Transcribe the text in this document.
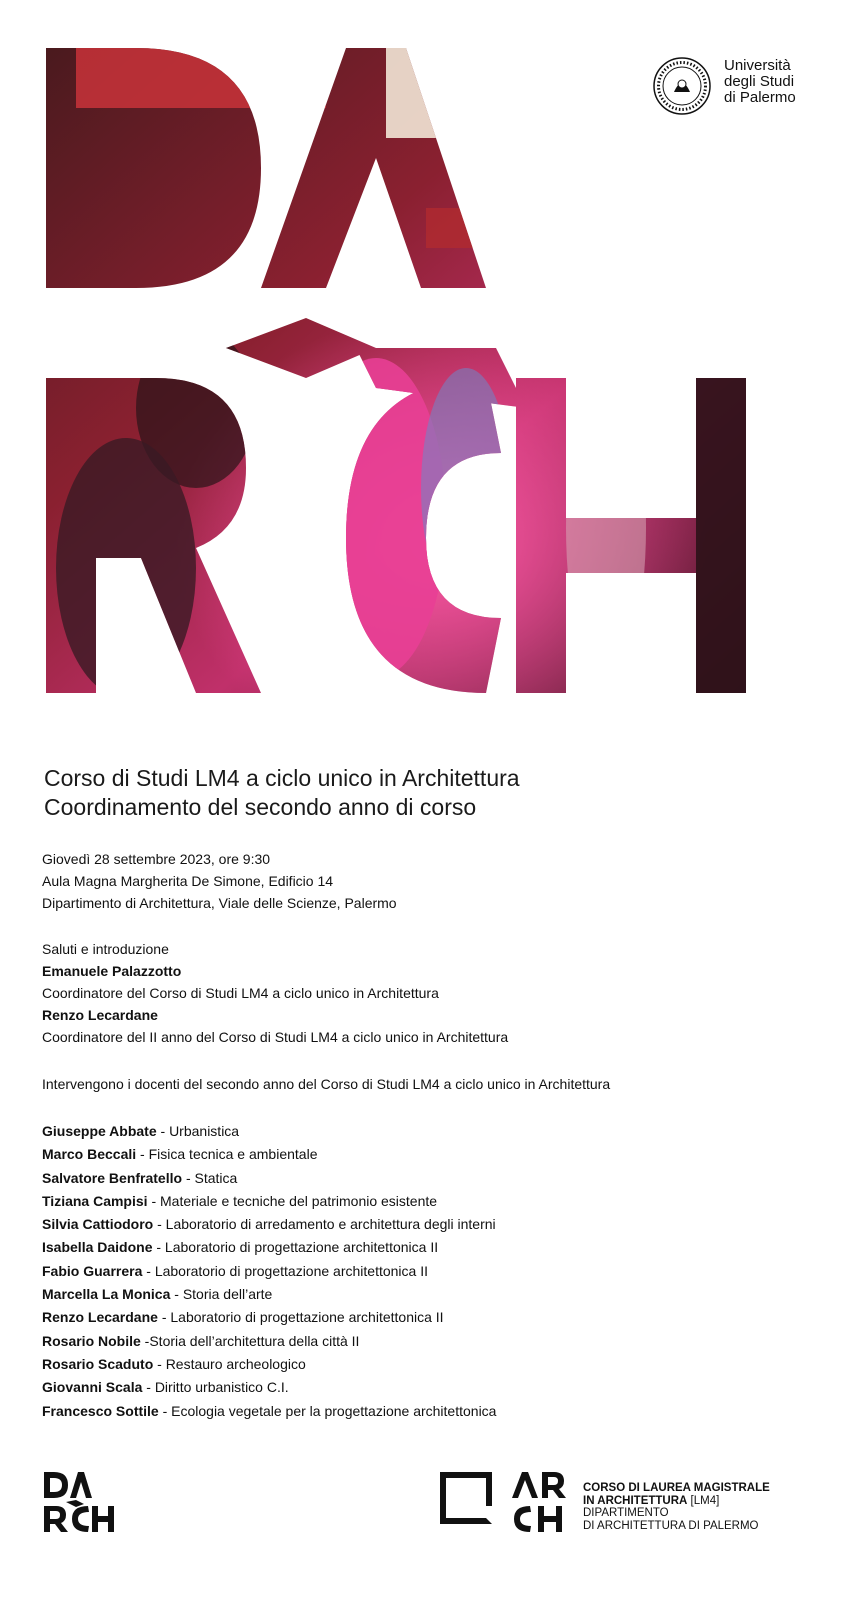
© S. Vuono
Università
degli Studi
di Palermo
Corso di Studi LM4 a ciclo unico in Architettura
Coordinamento del secondo anno di corso
Giovedì 28 settembre 2023, ore 9:30
Aula Magna Margherita De Simone, Edificio 14
Dipartimento di Architettura, Viale delle Scienze, Palermo
Saluti e introduzione
Emanuele Palazzotto
Coordinatore del Corso di Studi LM4 a ciclo unico in Architettura
Renzo Lecardane
Coordinatore del II anno del Corso di Studi LM4 a ciclo unico in Architettura
Intervengono i docenti del secondo anno del Corso di Studi LM4 a ciclo unico in Architettura
Giuseppe Abbate - Urbanistica
Marco Beccali - Fisica tecnica e ambientale
Salvatore Benfratello - Statica
Tiziana Campisi - Materiale e tecniche del patrimonio esistente
Silvia Cattiodoro - Laboratorio di arredamento e architettura degli interni
Isabella Daidone - Laboratorio di progettazione architettonica II
Fabio Guarrera - Laboratorio di progettazione architettonica II
Marcella La Monica - Storia dell’arte
Renzo Lecardane - Laboratorio di progettazione architettonica II
Rosario Nobile -Storia dell’architettura della città II
Rosario Scaduto - Restauro archeologico
Giovanni Scala - Diritto urbanistico C.I.
Francesco Sottile - Ecologia vegetale per la progettazione architettonica
CORSO DI LAUREA MAGISTRALE
IN ARCHITETTURA [LM4]
DIPARTIMENTO
DI ARCHITETTURA DI PALERMO
